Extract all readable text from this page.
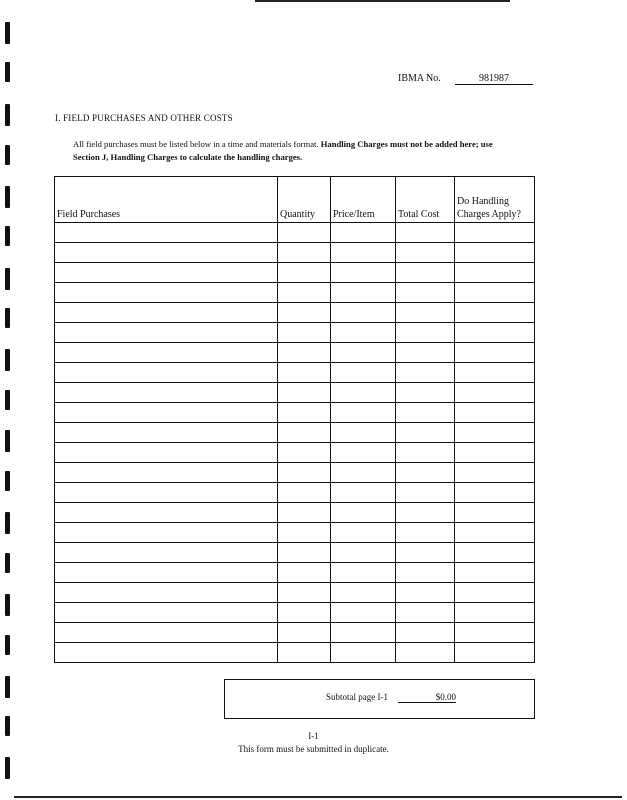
IBMA No.	981987
I. FIELD PURCHASES AND OTHER COSTS
All field purchases must be listed below in a time and materials format. Handling Charges must not be added here; use Section J, Handling Charges to calculate the handling charges.
Field Purchases	Quantity	Price/Item	Total Cost	Do Handling Charges Apply?

Subtotal page I-1	$0.00
I-1
This form must be submitted in duplicate.
